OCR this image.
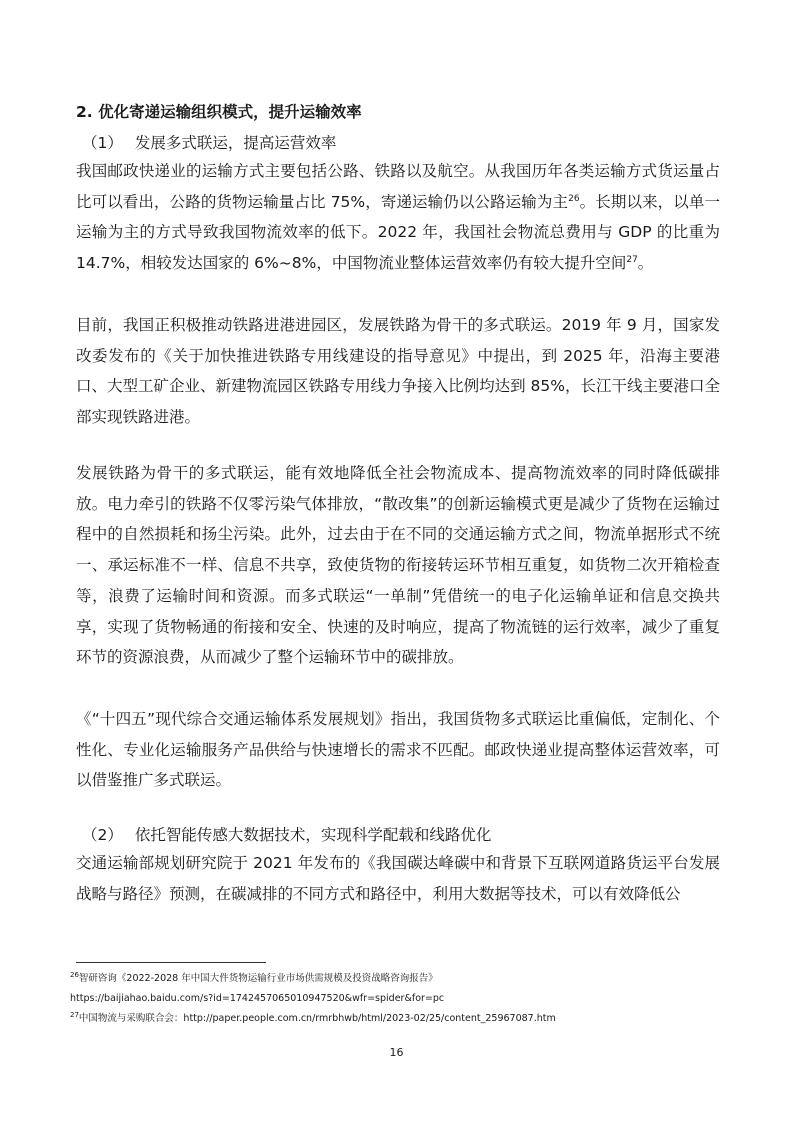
2. 优化寄递运输组织模式，提升运输效率
（1） 发展多式联运，提高运营效率

我国邮政快递业的运输方式主要包括公路、铁路以及航空。从我国历年各类运输方式货运量占比可以看出，公路的货物运输量占比 75%，寄递运输仍以公路运输为主$^{26}$。长期以来，以单一运输为主的方式导致我国物流效率的低下。2022 年，我国社会物流总费用与 GDP 的比重为 14.7%，相较发达国家的 6%~8%，中国物流业整体运营效率仍有较大提升空间$^{27}$。

目前，我国正积极推动铁路进港进园区，发展铁路为骨干的多式联运。2019 年 9 月，国家发改委发布的《关于加快推进铁路专用线建设的指导意见》中提出，到 2025 年，沿海主要港口、大型工矿企业、新建物流园区铁路专用线力争接入比例均达到 85%，长江干线主要港口全部实现铁路进港。

发展铁路为骨干的多式联运，能有效地降低全社会物流成本、提高物流效率的同时降低碳排放。电力牵引的铁路不仅零污染气体排放，“散改集”的创新运输模式更是减少了货物在运输过程中的自然损耗和扬尘污染。此外，过去由于在不同的交通运输方式之间，物流单据形式不统一、承运标准不一样、信息不共享，致使货物的衔接转运环节相互重复，如货物二次开箱检查等，浪费了运输时间和资源。而多式联运“一单制”凭借统一的电子化运输单证和信息交换共享，实现了货物畅通的衔接和安全、快速的及时响应，提高了物流链的运行效率，减少了重复环节的资源浪费，从而减少了整个运输环节中的碳排放。

《“十四五”现代综合交通运输体系发展规划》指出，我国货物多式联运比重偏低，定制化、个性化、专业化运输服务产品供给与快速增长的需求不匹配。邮政快递业提高整体运营效率，可以借鉴推广多式联运。

（2） 依托智能传感大数据技术，实现科学配载和线路优化

交通运输部规划研究院于 2021 年发布的《我国碳达峰碳中和背景下互联网道路货运平台发展战略与路径》预测，在碳减排的不同方式和路径中，利用大数据等技术，可以有效降低公

$^{26}$智研咨询《2022-2028 年中国大件货物运输行业市场供需规模及投资战略咨询报告》
https://baijiahao.baidu.com/s?id=1742457065010947520&wfr=spider&for=pc
$^{27}$中国物流与采购联合会：http://paper.people.com.cn/rmrbhwb/html/2023-02/25/content_25967087.htm
16
